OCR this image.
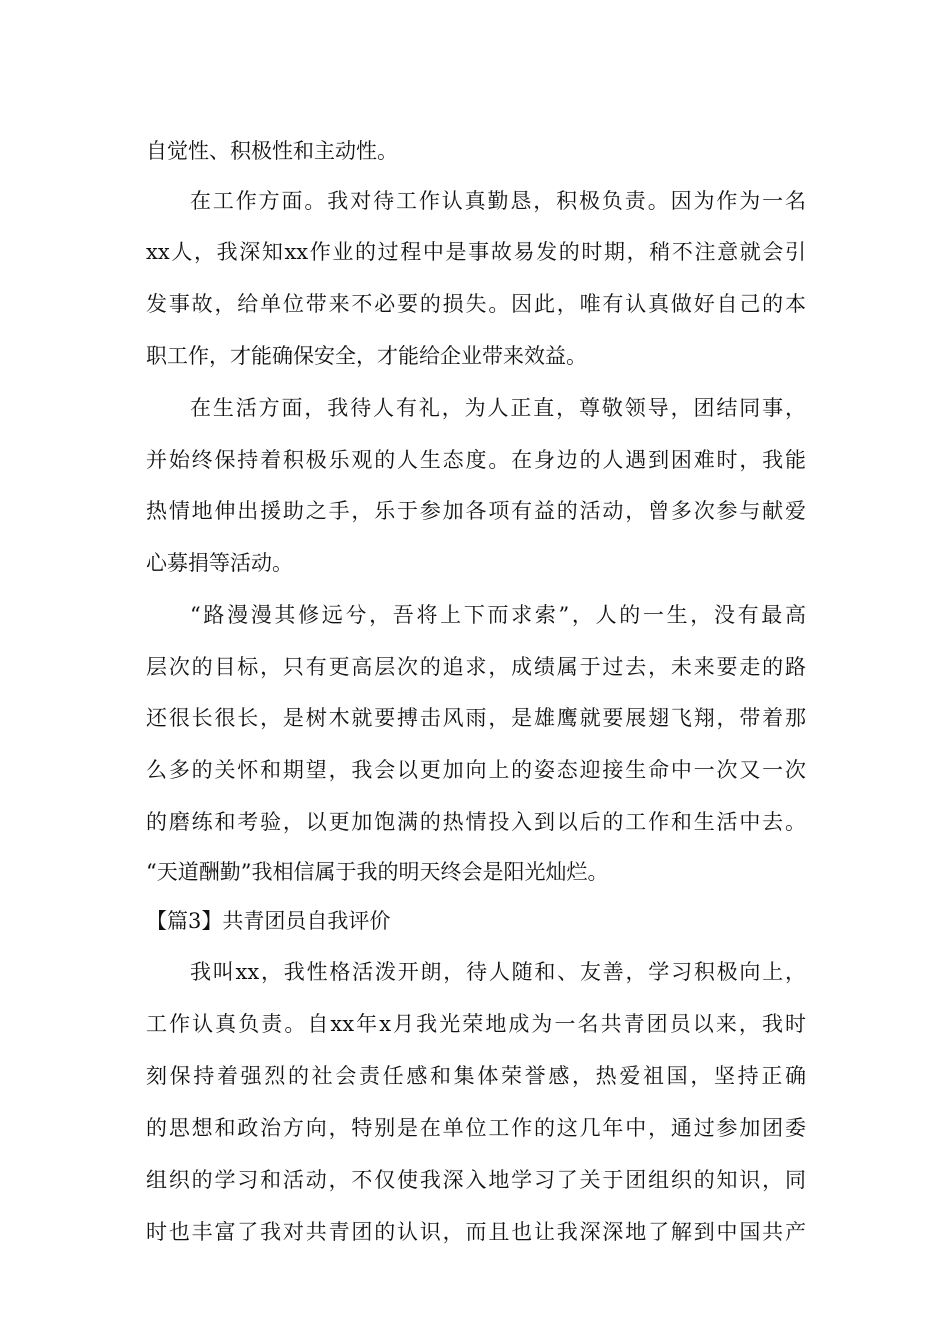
自觉性、积极性和主动性。
在工作方面。我对待工作认真勤恳，积极负责。因为作为一名
xx人，我深知xx作业的过程中是事故易发的时期，稍不注意就会引
发事故，给单位带来不必要的损失。因此，唯有认真做好自己的本
职工作，才能确保安全，才能给企业带来效益。
在生活方面，我待人有礼，为人正直，尊敬领导，团结同事，
并始终保持着积极乐观的人生态度。在身边的人遇到困难时，我能
热情地伸出援助之手，乐于参加各项有益的活动，曾多次参与献爱
心募捐等活动。
“路漫漫其修远兮，吾将上下而求索”，人的一生，没有最高
层次的目标，只有更高层次的追求，成绩属于过去，未来要走的路
还很长很长，是树木就要搏击风雨，是雄鹰就要展翅飞翔，带着那
么多的关怀和期望，我会以更加向上的姿态迎接生命中一次又一次
的磨练和考验，以更加饱满的热情投入到以后的工作和生活中去。
“天道酬勤”我相信属于我的明天终会是阳光灿烂。
【篇3】共青团员自我评价
我叫xx，我性格活泼开朗，待人随和、友善，学习积极向上，
工作认真负责。自xx年x月我光荣地成为一名共青团员以来，我时
刻保持着强烈的社会责任感和集体荣誉感，热爱祖国，坚持正确
的思想和政治方向，特别是在单位工作的这几年中，通过参加团委
组织的学习和活动，不仅使我深入地学习了关于团组织的知识，同
时也丰富了我对共青团的认识，而且也让我深深地了解到中国共产
